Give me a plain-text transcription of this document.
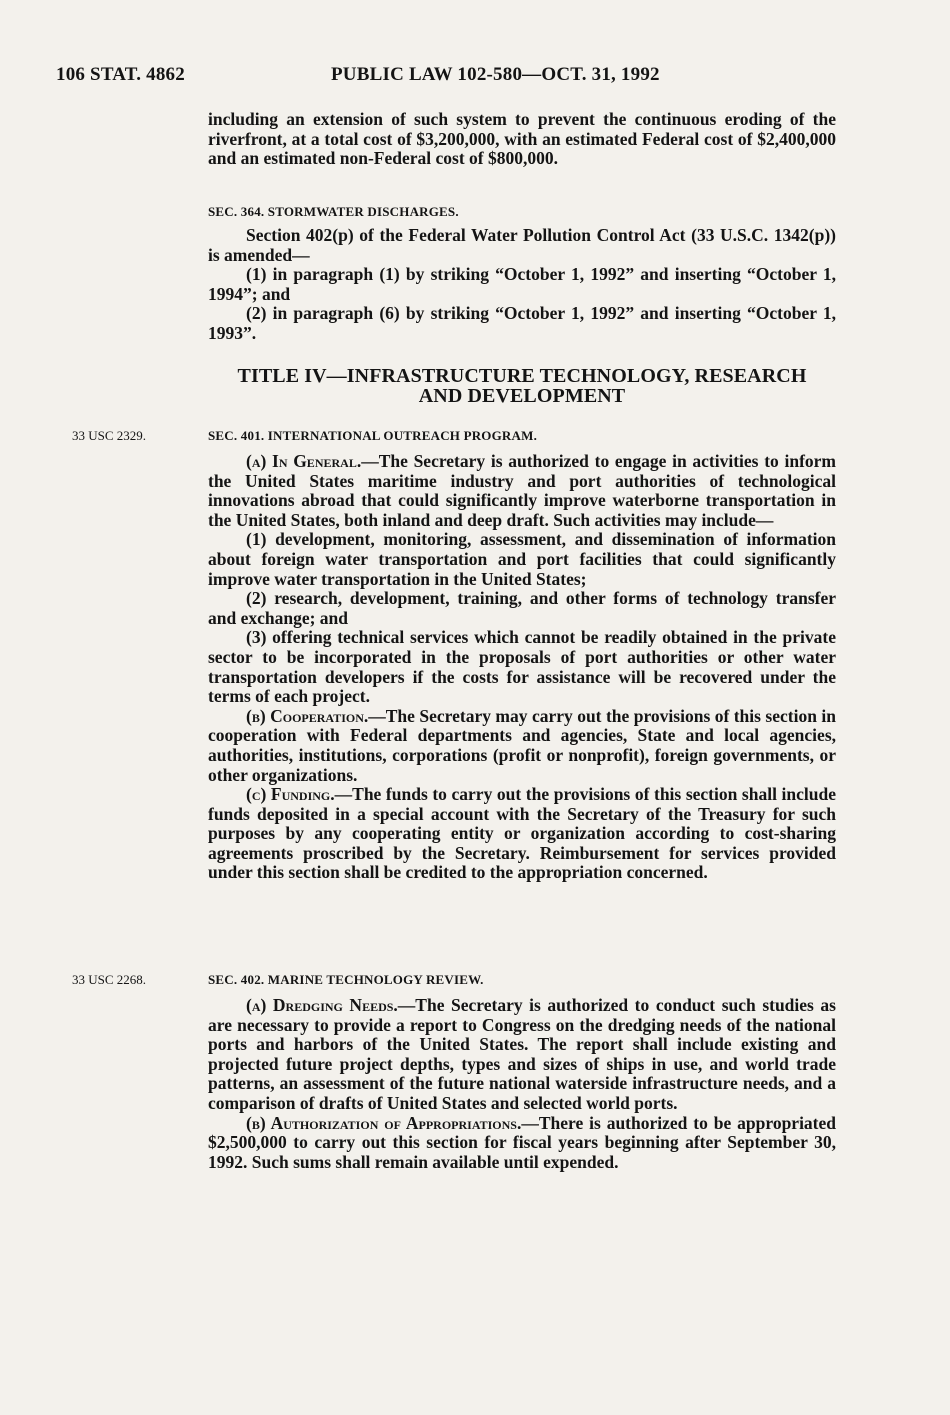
106 STAT. 4862	PUBLIC LAW 102-580—OCT. 31, 1992

including an extension of such system to prevent the continuous eroding of the riverfront, at a total cost of $3,200,000, with an estimated Federal cost of $2,400,000 and an estimated non-Federal cost of $800,000.

SEC. 364. STORMWATER DISCHARGES.

Section 402(p) of the Federal Water Pollution Control Act (33 U.S.C. 1342(p)) is amended—

(1) in paragraph (1) by striking “October 1, 1992” and inserting “October 1, 1994”; and

(2) in paragraph (6) by striking “October 1, 1992” and inserting “October 1, 1993”.

TITLE IV—INFRASTRUCTURE TECHNOLOGY, RESEARCH
AND DEVELOPMENT
33 USC 2329.	SEC. 401. INTERNATIONAL OUTREACH PROGRAM.

(a) In General.—The Secretary is authorized to engage in activities to inform the United States maritime industry and port authorities of technological innovations abroad that could significantly improve waterborne transportation in the United States, both inland and deep draft. Such activities may include—

(1) development, monitoring, assessment, and dissemination of information about foreign water transportation and port facilities that could significantly improve water transportation in the United States;

(2) research, development, training, and other forms of technology transfer and exchange; and

(3) offering technical services which cannot be readily obtained in the private sector to be incorporated in the proposals of port authorities or other water transportation developers if the costs for assistance will be recovered under the terms of each project.

(b) Cooperation.—The Secretary may carry out the provisions of this section in cooperation with Federal departments and agencies, State and local agencies, authorities, institutions, corporations (profit or nonprofit), foreign governments, or other organizations.

(c) Funding.—The funds to carry out the provisions of this section shall include funds deposited in a special account with the Secretary of the Treasury for such purposes by any cooperating entity or organization according to cost-sharing agreements proscribed by the Secretary. Reimbursement for services provided under this section shall be credited to the appropriation concerned.

33 USC 2268.	SEC. 402. MARINE TECHNOLOGY REVIEW.

(a) Dredging Needs.—The Secretary is authorized to conduct such studies as are necessary to provide a report to Congress on the dredging needs of the national ports and harbors of the United States. The report shall include existing and projected future project depths, types and sizes of ships in use, and world trade patterns, an assessment of the future national waterside infrastructure needs, and a comparison of drafts of United States and selected world ports.

(b) Authorization of Appropriations.—There is authorized to be appropriated $2,500,000 to carry out this section for fiscal years beginning after September 30, 1992. Such sums shall remain available until expended.
